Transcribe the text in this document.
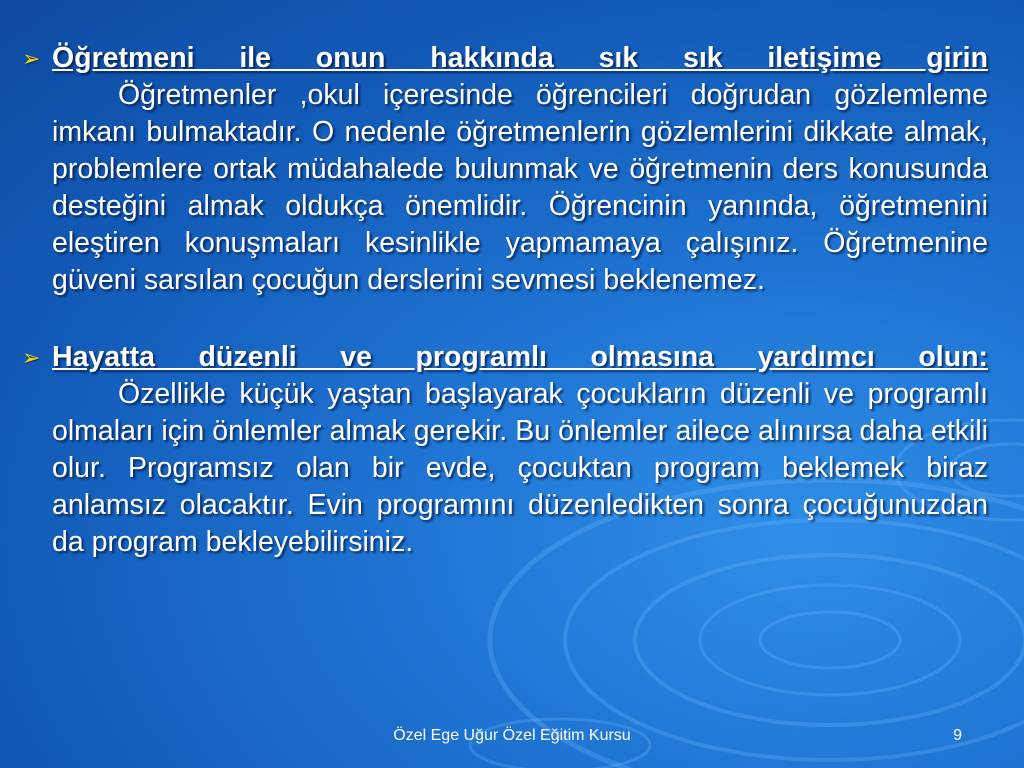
➢ Öğretmeni ile onun hakkında sık sık iletişime girin
Öğretmenler ,okul içeresinde öğrencileri doğrudan gözlemleme imkanı bulmaktadır. O nedenle öğretmenlerin gözlemlerini dikkate almak, problemlere ortak müdahalede bulunmak ve öğretmenin ders konusunda desteğini almak oldukça önemlidir. Öğrencinin yanında, öğretmenini eleştiren konuşmaları kesinlikle yapmamaya çalışınız. Öğretmenine güveni sarsılan çocuğun derslerini sevmesi beklenemez.
➢ Hayatta düzenli ve programlı olmasına yardımcı olun:
Özellikle küçük yaştan başlayarak çocukların düzenli ve programlı olmaları için önlemler almak gerekir. Bu önlemler ailece alınırsa daha etkili olur. Programsız olan bir evde, çocuktan program beklemek biraz anlamsız olacaktır. Evin programını düzenledikten sonra çocuğunuzdan da program bekleyebilirsiniz.
Özel Ege Uğur Özel Eğitim Kursu	9
